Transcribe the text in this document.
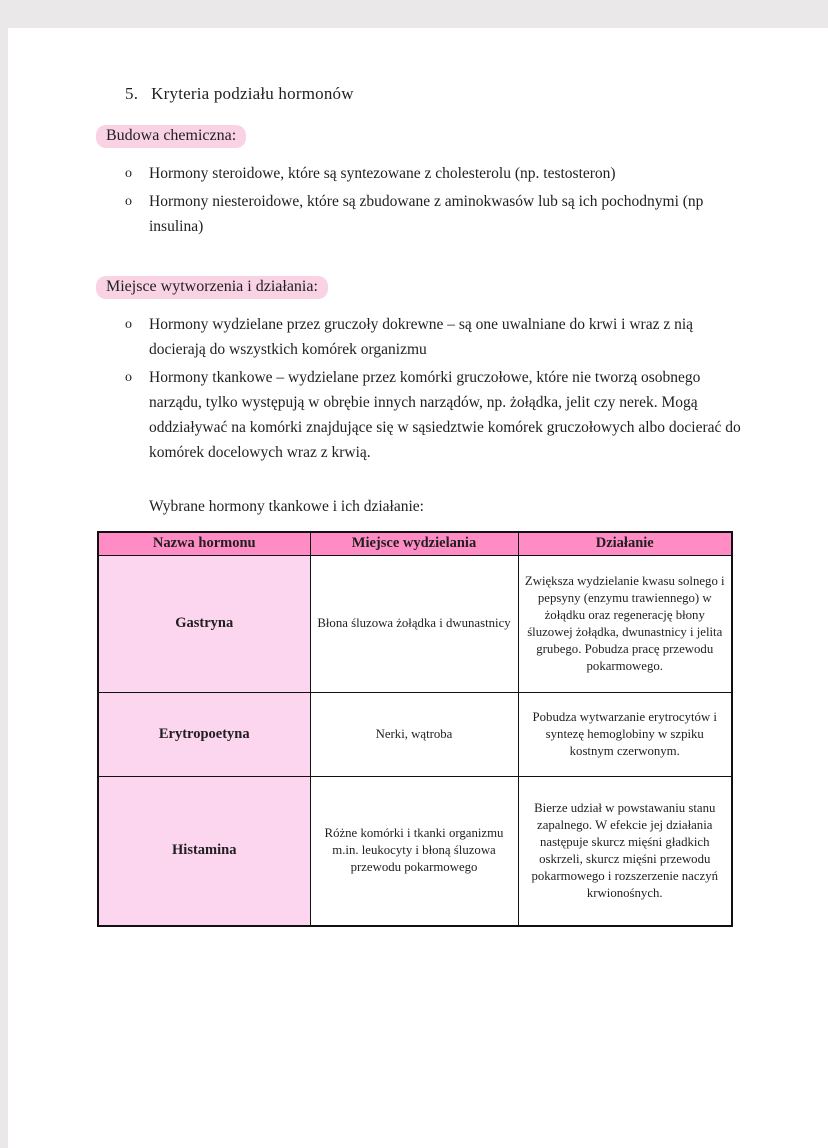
5. Kryteria podziału hormonów
Budowa chemiczna:
o	Hormony steroidowe, które są syntezowane z cholesterolu (np. testosteron)
o	Hormony niesteroidowe, które są zbudowane z aminokwasów lub są ich pochodnymi (np insulina)
Miejsce wytworzenia i działania:
o	Hormony wydzielane przez gruczoły dokrewne – są one uwalniane do krwi i wraz z nią docierają do wszystkich komórek organizmu
o	Hormony tkankowe – wydzielane przez komórki gruczołowe, które nie tworzą osobnego narządu, tylko występują w obrębie innych narządów, np. żołądka, jelit czy nerek. Mogą oddziaływać na komórki znajdujące się w sąsiedztwie komórek gruczołowych albo docierać do komórek docelowych wraz z krwią.
Wybrane hormony tkankowe i ich działanie:
Nazwa hormonu	Miejsce wydzielania	Działanie
Gastryna	Błona śluzowa żołądka i dwunastnicy	Zwiększa wydzielanie kwasu solnego i pepsyny (enzymu trawiennego) w żołądku oraz regenerację błony śluzowej żołądka, dwunastnicy i jelita grubego. Pobudza pracę przewodu pokarmowego.
Erytropoetyna	Nerki, wątroba	Pobudza wytwarzanie erytrocytów i syntezę hemoglobiny w szpiku kostnym czerwonym.
Histamina	Różne komórki i tkanki organizmu m.in. leukocyty i błoną śluzowa przewodu pokarmowego	Bierze udział w powstawaniu stanu zapalnego. W efekcie jej działania następuje skurcz mięśni gładkich oskrzeli, skurcz mięśni przewodu pokarmowego i rozszerzenie naczyń krwionośnych.
